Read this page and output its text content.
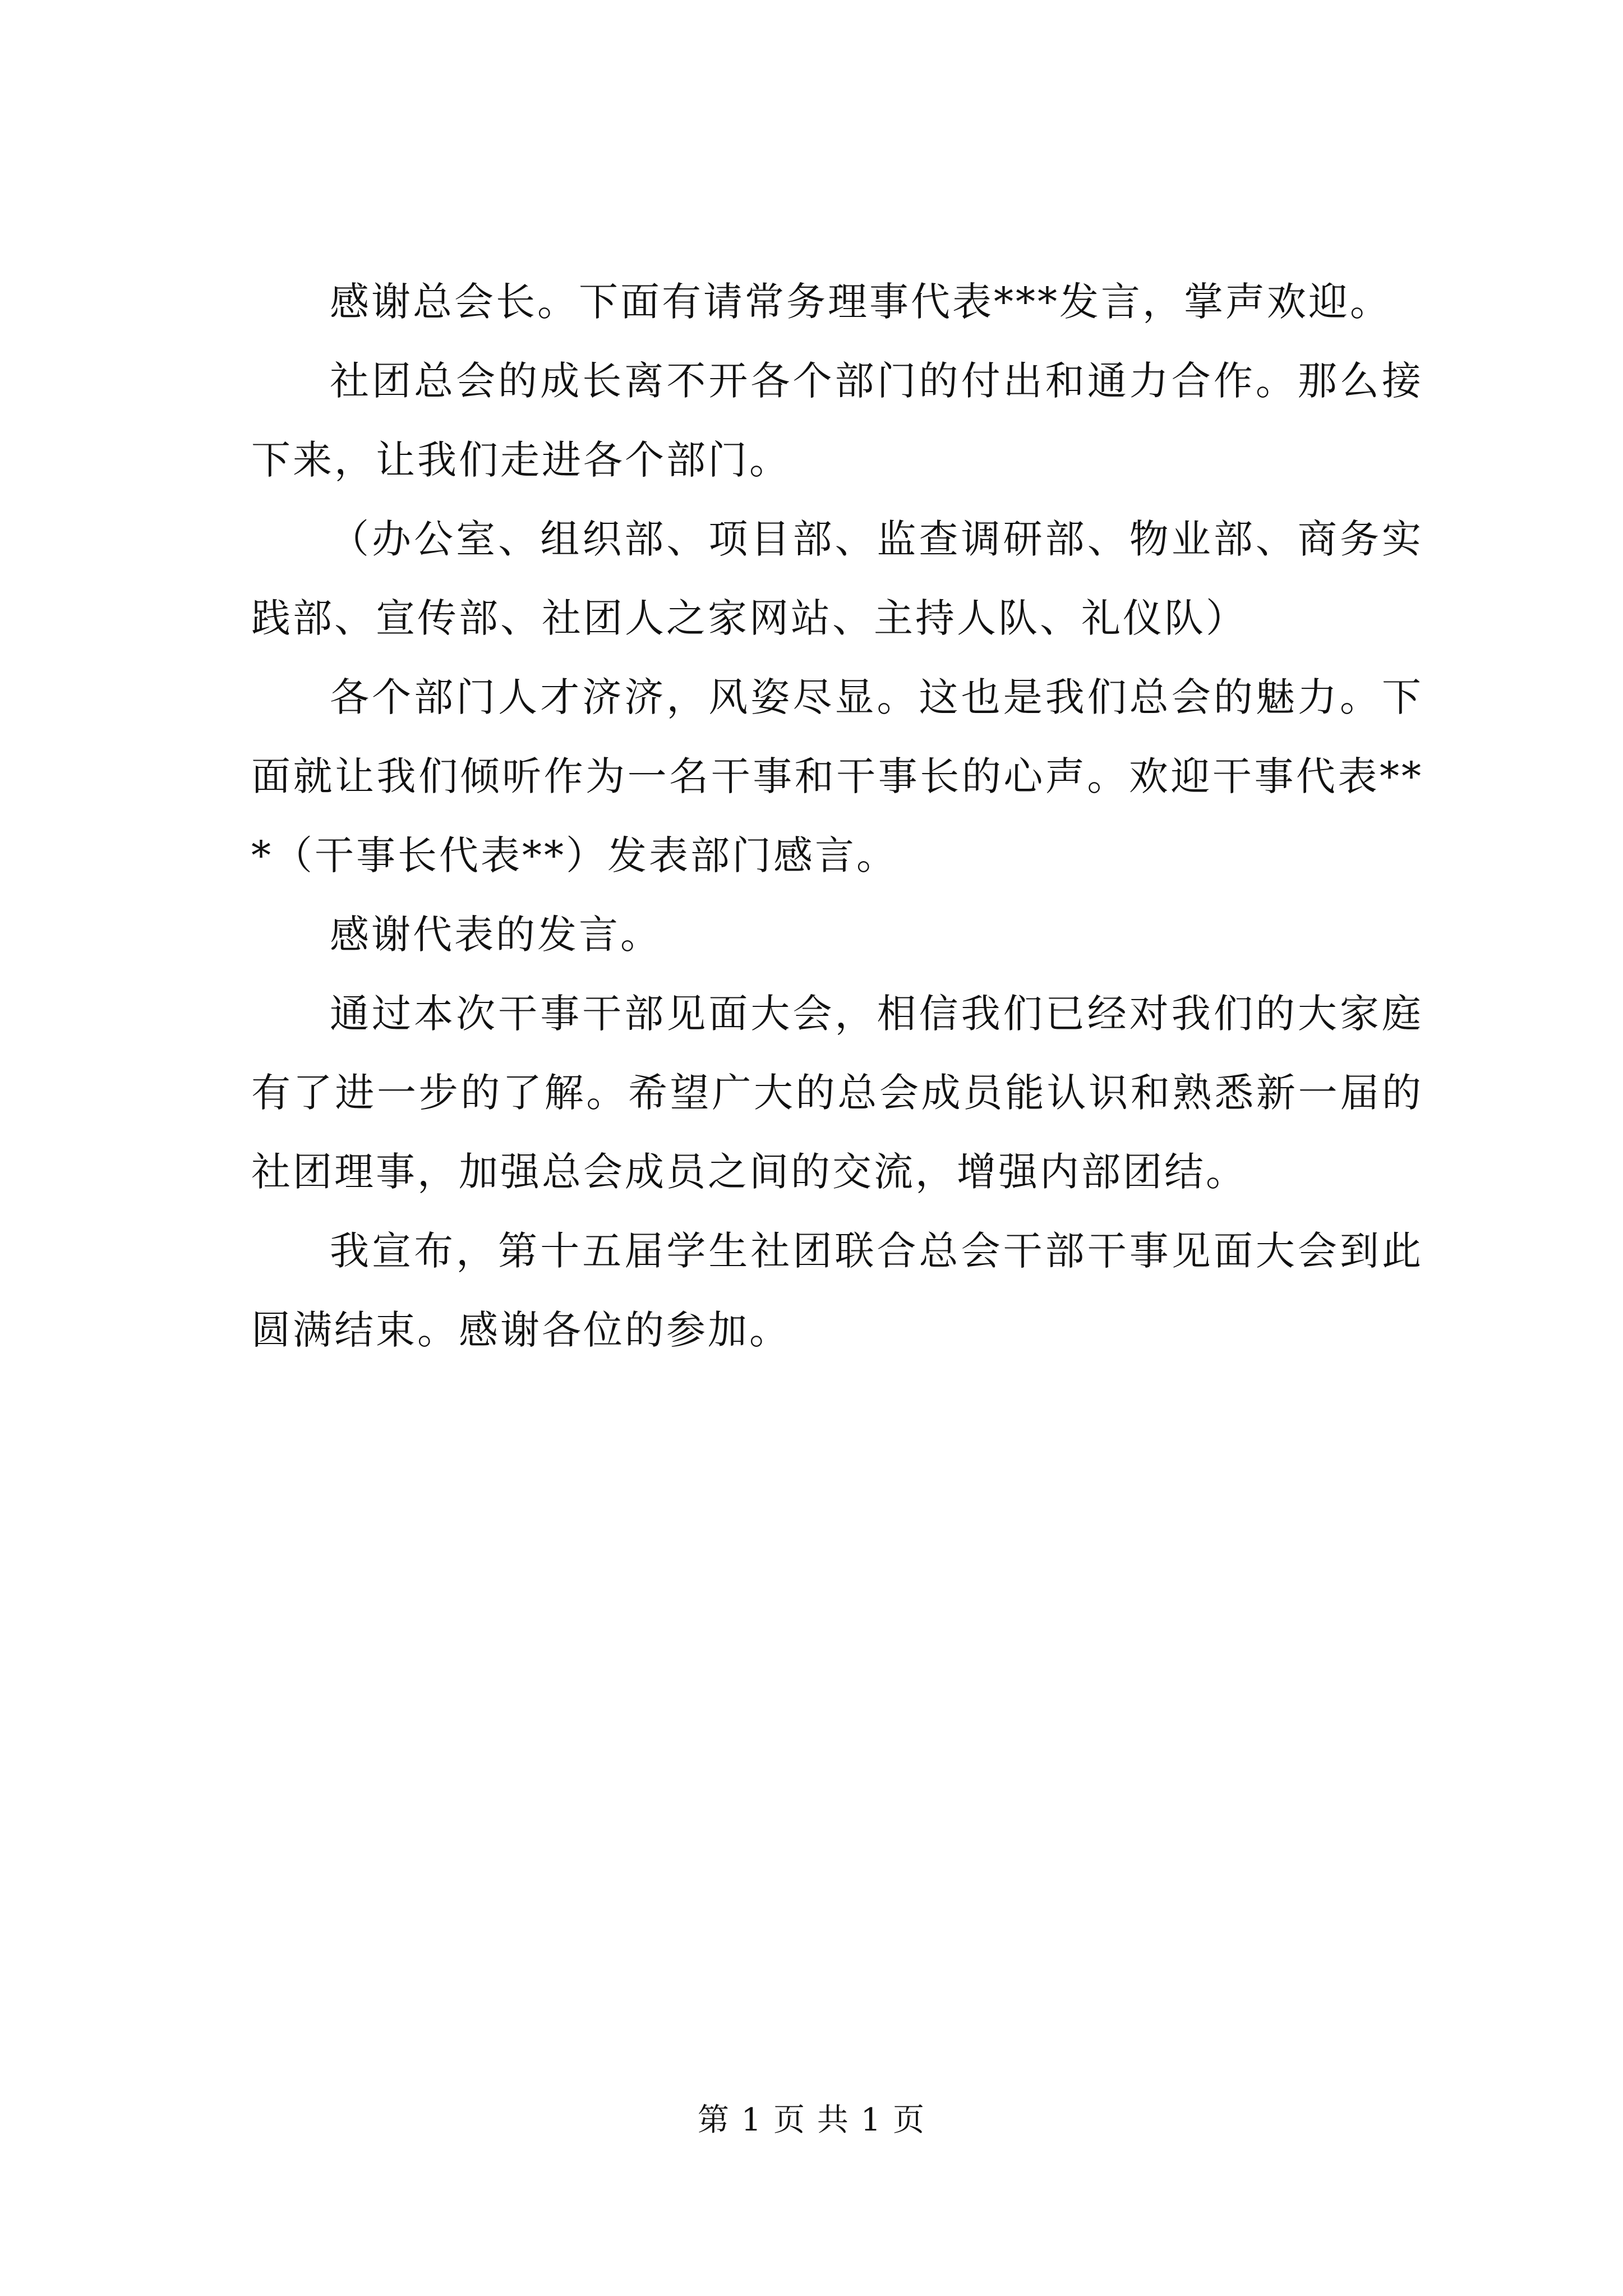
感谢总会长。下面有请常务理事代表***发言，掌声欢迎。

社团总会的成长离不开各个部门的付出和通力合作。那么接下来，让我们走进各个部门。

（办公室、组织部、项目部、监查调研部、物业部、商务实践部、宣传部、社团人之家网站、主持人队、礼仪队）

各个部门人才济济，风姿尽显。这也是我们总会的魅力。下面就让我们倾听作为一名干事和干事长的心声。欢迎干事代表***（干事长代表**）发表部门感言。

感谢代表的发言。

通过本次干事干部见面大会，相信我们已经对我们的大家庭有了进一步的了解。希望广大的总会成员能认识和熟悉新一届的社团理事，加强总会成员之间的交流，增强内部团结。

我宣布，第十五届学生社团联合总会干部干事见面大会到此圆满结束。感谢各位的参加。

第 1 页 共 1 页
